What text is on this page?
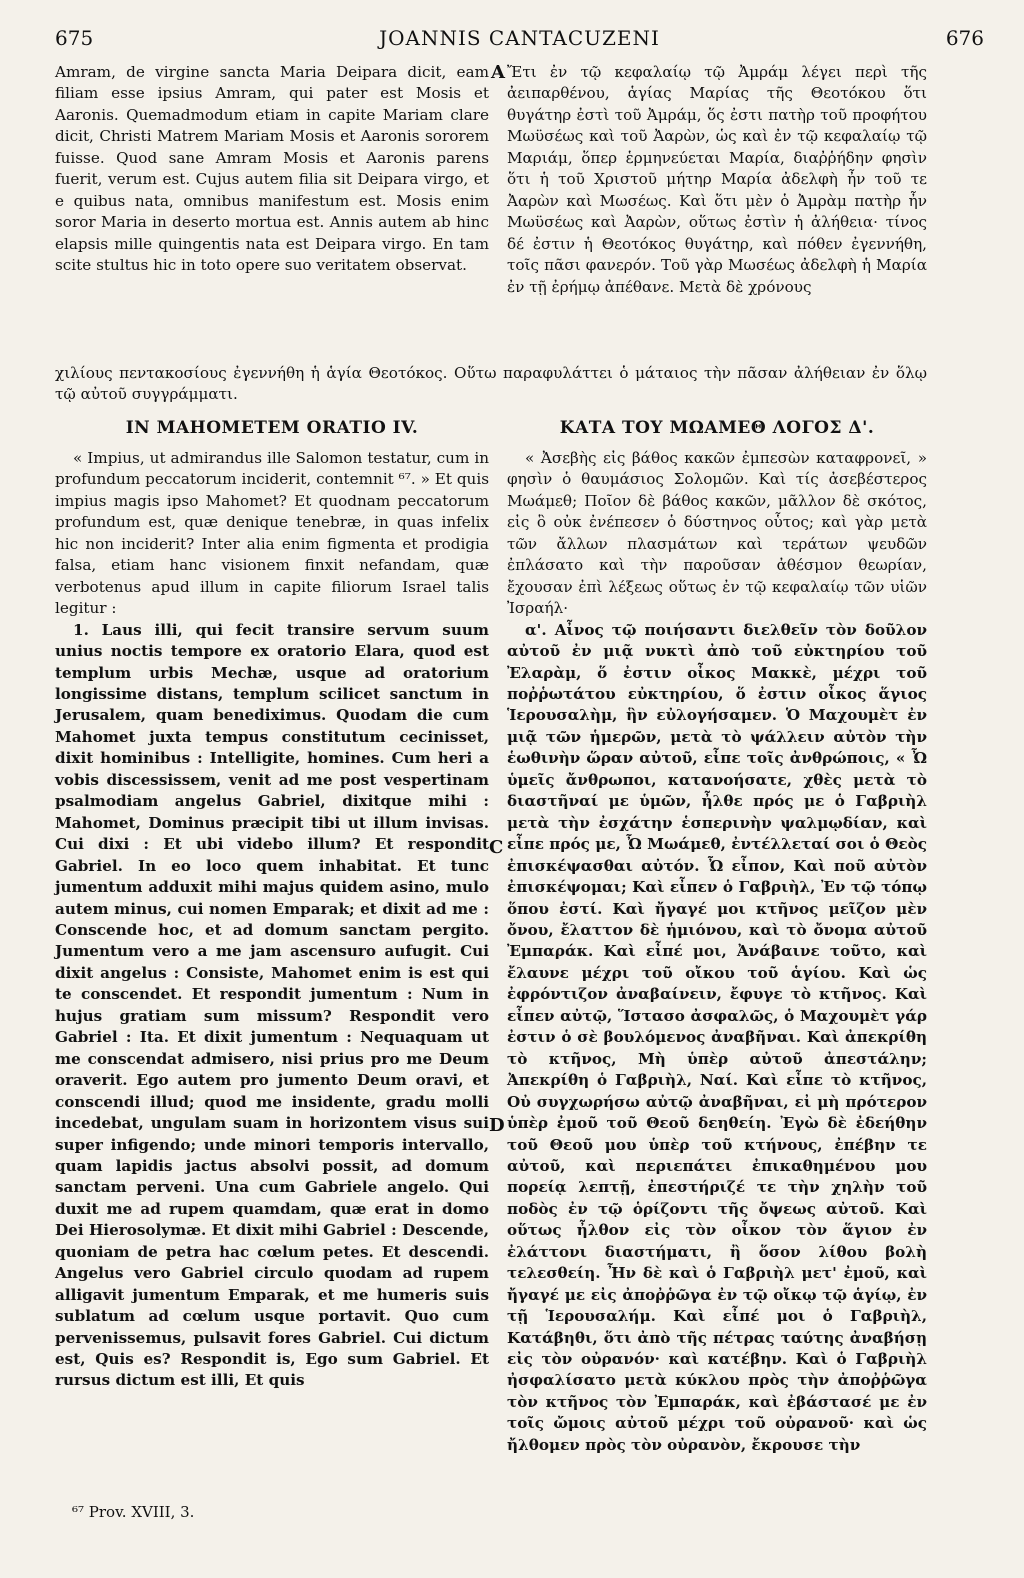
675	JOANNIS CANTACUZENI	676
A
C
D

Amram, de virgine sancta Maria Deipara dicit, eam filiam esse ipsius Amram, qui pater est Mosis et Aaronis. Quemadmodum etiam in capite Mariam clare dicit, Christi Matrem Mariam Mosis et Aaronis sororem fuisse. Quod sane Amram Mosis et Aaronis parens fuerit, verum est. Cujus autem filia sit Deipara virgo, et e quibus nata, omnibus manifestum est. Mosis enim soror Maria in deserto mortua est. Annis autem ab hinc elapsis mille quingentis nata est Deipara virgo. En tam scite stultus hic in toto opere suo veritatem observat.

Ἔτι ἐν τῷ κεφαλαίῳ τῷ Ἀμράμ λέγει περὶ τῆς ἀειπαρθένου, ἁγίας Μαρίας τῆς Θεοτόκου ὅτι θυγάτηρ ἐστὶ τοῦ Ἀμράμ, ὅς ἐστι πατὴρ τοῦ προφήτου Μωϋσέως καὶ τοῦ Ἀαρὼν, ὡς καὶ ἐν τῷ κεφαλαίῳ τῷ Μαριάμ, ὅπερ ἑρμηνεύεται Μαρία, διαῤῥήδην φησὶν ὅτι ἡ τοῦ Χριστοῦ μήτηρ Μαρία ἀδελφὴ ἦν τοῦ τε Ἀαρὼν καὶ Μωσέως. Καὶ ὅτι μὲν ὁ Ἀμρὰμ πατὴρ ἦν Μωϋσέως καὶ Ἀαρὼν, οὕτως ἐστὶν ἡ ἀλήθεια· τίνος δέ ἐστιν ἡ Θεοτόκος θυγάτηρ, καὶ πόθεν ἐγεννήθη, τοῖς πᾶσι φανερόν. Τοῦ γὰρ Μωσέως ἀδελφὴ ἡ Μαρία ἐν τῇ ἐρήμῳ ἀπέθανε. Μετὰ δὲ χρόνους

χιλίους πεντακοσίους ἐγεννήθη ἡ ἁγία Θεοτόκος. Οὕτω παραφυλάττει ὁ μάταιος τὴν πᾶσαν ἀλήθειαν ἐν ὅλῳ τῷ αὐτοῦ συγγράμματι.

IN MAHOMETEM ORATIO IV.	ΚΑΤΑ ΤΟΥ ΜΩΑΜΕΘ ΛΟΓΟΣ Δ'.

« Impius, ut admirandus ille Salomon testatur, cum in profundum peccatorum inciderit, contemnit ⁶⁷. » Et quis impius magis ipso Mahomet? Et quodnam peccatorum profundum est, quæ denique tenebræ, in quas infelix hic non inciderit? Inter alia enim figmenta et prodigia falsa, etiam hanc visionem finxit nefandam, quæ verbotenus apud illum in capite filiorum Israel talis legitur :

1. Laus illi, qui fecit transire servum suum unius noctis tempore ex oratorio Elara, quod est templum urbis Mechæ, usque ad oratorium longissime distans, templum scilicet sanctum in Jerusalem, quam benediximus. Quodam die cum Mahomet juxta tempus constitutum cecinisset, dixit hominibus : Intelligite, homines. Cum heri a vobis discessissem, venit ad me post vespertinam psalmodiam angelus Gabriel, dixitque mihi : Mahomet, Dominus præcipit tibi ut illum invisas. Cui dixi : Et ubi videbo illum? Et respondit Gabriel. In eo loco quem inhabitat. Et tunc jumentum adduxit mihi majus quidem asino, mulo autem minus, cui nomen Emparak; et dixit ad me : Conscende hoc, et ad domum sanctam pergito. Jumentum vero a me jam ascensuro aufugit. Cui dixit angelus : Consiste, Mahomet enim is est qui te conscendet. Et respondit jumentum : Num in hujus gratiam sum missum? Respondit vero Gabriel : Ita. Et dixit jumentum : Nequaquam ut me conscendat admisero, nisi prius pro me Deum oraverit. Ego autem pro jumento Deum oravi, et conscendi illud; quod me insidente, gradu molli incedebat, ungulam suam in horizontem visus sui super infigendo; unde minori temporis intervallo, quam lapidis jactus absolvi possit, ad domum sanctam perveni. Una cum Gabriele angelo. Qui duxit me ad rupem quamdam, quæ erat in domo Dei Hierosolymæ. Et dixit mihi Gabriel : Descende, quoniam de petra hac cœlum petes. Et descendi. Angelus vero Gabriel circulo quodam ad rupem alligavit jumentum Emparak, et me humeris suis sublatum ad cœlum usque portavit. Quo cum pervenissemus, pulsavit fores Gabriel. Cui dictum est, Quis es? Respondit is, Ego sum Gabriel. Et rursus dictum est illi, Et quis

« Ἀσεβὴς εἰς βάθος κακῶν ἐμπεσὼν καταφρονεῖ, » φησὶν ὁ θαυμάσιος Σολομῶν. Καὶ τίς ἀσεβέστερος Μωάμεθ; Ποῖον δὲ βάθος κακῶν, μᾶλλον δὲ σκότος, εἰς ὃ οὐκ ἐνέπεσεν ὁ δύστηνος οὗτος; καὶ γὰρ μετὰ τῶν ἄλλων πλασμάτων καὶ τεράτων ψευδῶν ἐπλάσατο καὶ τὴν παροῦσαν ἀθέσμον θεωρίαν, ἔχουσαν ἐπὶ λέξεως οὕτως ἐν τῷ κεφαλαίῳ τῶν υἱῶν Ἰσραήλ·

α'. Αἶνος τῷ ποιήσαντι διελθεῖν τὸν δοῦλον αὐτοῦ ἐν μιᾷ νυκτὶ ἀπὸ τοῦ εὐκτηρίου τοῦ Ἐλαρὰμ, ὅ ἐστιν οἶκος Μακκὲ, μέχρι τοῦ ποῤῥωτάτου εὐκτηρίου, ὅ ἐστιν οἶκος ἅγιος Ἱερουσαλὴμ, ἣν εὐλογήσαμεν. Ὁ Μαχουμὲτ ἐν μιᾷ τῶν ἡμερῶν, μετὰ τὸ ψάλλειν αὐτὸν τὴν ἑωθινὴν ὥραν αὐτοῦ, εἶπε τοῖς ἀνθρώποις, « Ὦ ὑμεῖς ἄνθρωποι, κατανοήσατε, χθὲς μετὰ τὸ διαστῆναί με ὑμῶν, ἦλθε πρός με ὁ Γαβριὴλ μετὰ τὴν ἐσχάτην ἑσπερινὴν ψαλμῳδίαν, καὶ εἶπε πρός με, Ὦ Μωάμεθ, ἐντέλλεταί σοι ὁ Θεὸς ἐπισκέψασθαι αὐτόν. Ὦ εἶπον, Καὶ ποῦ αὐτὸν ἐπισκέψομαι; Καὶ εἶπεν ὁ Γαβριὴλ, Ἐν τῷ τόπῳ ὅπου ἐστί. Καὶ ἤγαγέ μοι κτῆνος μεῖζον μὲν ὄνου, ἔλαττον δὲ ἡμιόνου, καὶ τὸ ὄνομα αὐτοῦ Ἐμπαράκ. Καὶ εἶπέ μοι, Ἀνάβαινε τοῦτο, καὶ ἔλαυνε μέχρι τοῦ οἴκου τοῦ ἁγίου. Καὶ ὡς ἐφρόντιζον ἀναβαίνειν, ἔφυγε τὸ κτῆνος. Καὶ εἶπεν αὐτῷ, Ἵστασο ἀσφαλῶς, ὁ Μαχουμὲτ γάρ ἐστιν ὁ σὲ βουλόμενος ἀναβῆναι. Καὶ ἀπεκρίθη τὸ κτῆνος, Μὴ ὑπὲρ αὐτοῦ ἀπεστάλην; Ἀπεκρίθη ὁ Γαβριὴλ, Ναί. Καὶ εἶπε τὸ κτῆνος, Οὐ συγχωρήσω αὐτῷ ἀναβῆναι, εἰ μὴ πρότερον ὑπὲρ ἐμοῦ τοῦ Θεοῦ δεηθείη. Ἐγὼ δὲ ἐδεήθην τοῦ Θεοῦ μου ὑπὲρ τοῦ κτήνους, ἐπέβην τε αὐτοῦ, καὶ περιεπάτει ἐπικαθημένου μου πορείᾳ λεπτῇ, ἐπεστήριζέ τε τὴν χηλὴν τοῦ ποδὸς ἐν τῷ ὁρίζοντι τῆς ὄψεως αὐτοῦ. Καὶ οὕτως ἦλθον εἰς τὸν οἶκον τὸν ἅγιον ἐν ἐλάττονι διαστήματι, ἢ ὅσον λίθου βολὴ τελεσθείη. Ἦν δὲ καὶ ὁ Γαβριὴλ μετ' ἐμοῦ, καὶ ἤγαγέ με εἰς ἀποῤῥῶγα ἐν τῷ οἴκῳ τῷ ἁγίῳ, ἐν τῇ Ἱερουσαλήμ. Καὶ εἶπέ μοι ὁ Γαβριὴλ, Κατάβηθι, ὅτι ἀπὸ τῆς πέτρας ταύτης ἀναβήσῃ εἰς τὸν οὐρανόν· καὶ κατέβην. Καὶ ὁ Γαβριὴλ ἠσφαλίσατο μετὰ κύκλου πρὸς τὴν ἀποῤῥῶγα τὸν κτῆνος τὸν Ἐμπαράκ, καὶ ἐβάστασέ με ἐν τοῖς ὤμοις αὐτοῦ μέχρι τοῦ οὐρανοῦ· καὶ ὡς ἤλθομεν πρὸς τὸν οὐρανὸν, ἔκρουσε τὴν

⁶⁷ Prov. XVIII, 3.
